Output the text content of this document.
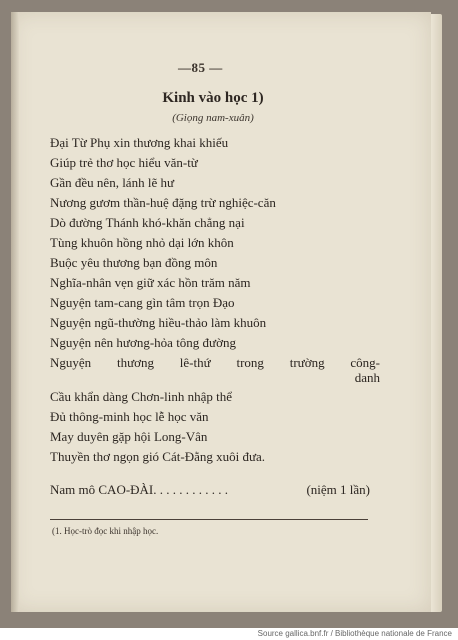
—85 —
Kinh vào học 1)
(Giọng nam-xuân)
Đại Từ Phụ xin thương khai khiếu
Giúp trẻ thơ học hiểu văn-từ
Gần đều nên, lánh lẽ hư
Nương gươm thần-huệ đặng trừ nghiệc-căn
Dò đường Thánh khó-khăn chẳng nại
Tùng khuôn hồng nhỏ dại lớn khôn
Buộc yêu thương bạn đồng môn
Nghĩa-nhân vẹn giữ xác hồn trăm năm
Nguyện tam-cang gìn tâm trọn Đạo
Nguyện ngũ-thường hiều-thảo làm khuôn
Nguyện nên hương-hỏa tông đường
Nguyện thương lê-thứ trong trường công-
danh
Cầu khẩn dàng Chơn-linh nhập thể
Đủ thông-minh học lễ học văn
May duyên gặp hội Long-Vân
Thuyền thơ ngọn gió Cát-Đằng xuôi đưa.
Nam mô CAO-ĐÀI. . . . . . . . . . . .	(niệm 1 lần)
(1. Học-trò đọc khi nhập học.
Source gallica.bnf.fr / Bibliothèque nationale de France
